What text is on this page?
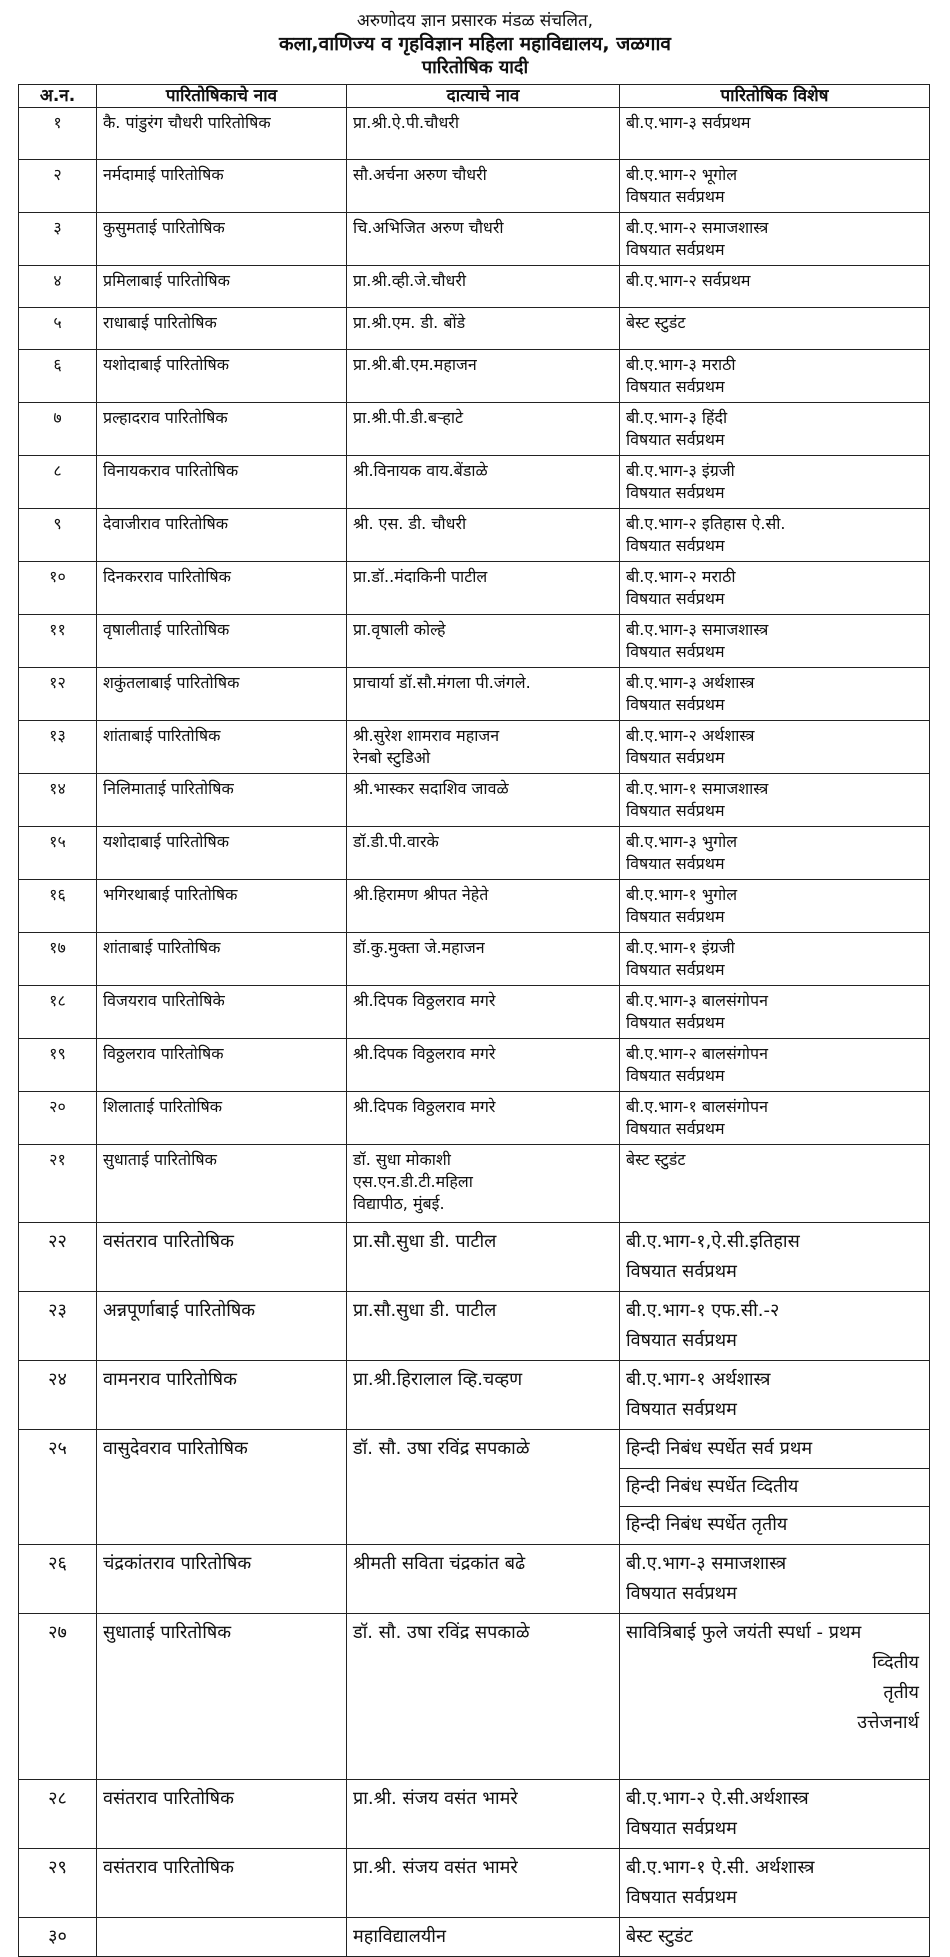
अरुणोदय ज्ञान प्रसारक मंडळ संचलित,
कला,वाणिज्य व गृहविज्ञान महिला महाविद्यालय, जळगाव
पारितोषिक यादी
अ.न.	पारितोषिकाचे नाव	दात्याचे नाव	पारितोषिक विशेष
१	कै. पांडुरंग चौधरी पारितोषिक	प्रा.श्री.ऐ.पी.चौधरी	बी.ए.भाग-३ सर्वप्रथम

२	नर्मदामाई पारितोषिक	सौ.अर्चना अरुण चौधरी	बी.ए.भाग-२ भूगोल
विषयात सर्वप्रथम

३	कुसुमताई पारितोषिक	चि.अभिजित अरुण चौधरी	बी.ए.भाग-२ समाजशास्त्र
विषयात सर्वप्रथम

४	प्रमिलाबाई पारितोषिक	प्रा.श्री.व्ही.जे.चौधरी	बी.ए.भाग-२ सर्वप्रथम

५	राधाबाई पारितोषिक	प्रा.श्री.एम. डी. बोंडे	बेस्ट स्टुडंट

६	यशोदाबाई पारितोषिक	प्रा.श्री.बी.एम.महाजन	बी.ए.भाग-३ मराठी
विषयात सर्वप्रथम

७	प्रल्हादराव पारितोषिक	प्रा.श्री.पी.डी.बऱ्हाटे	बी.ए.भाग-३ हिंदी
विषयात सर्वप्रथम

८	विनायकराव पारितोषिक	श्री.विनायक वाय.बेंडाळे	बी.ए.भाग-३ इंग्रजी
विषयात सर्वप्रथम

९	देवाजीराव पारितोषिक	श्री. एस. डी. चौधरी	बी.ए.भाग-२ इतिहास ऐ.सी.
विषयात सर्वप्रथम

१०	दिनकरराव पारितोषिक	प्रा.डॉ..मंदाकिनी पाटील	बी.ए.भाग-२ मराठी
विषयात सर्वप्रथम

११	वृषालीताई पारितोषिक	प्रा.वृषाली कोल्हे	बी.ए.भाग-३ समाजशास्त्र
विषयात सर्वप्रथम

१२	शकुंतलाबाई पारितोषिक	प्राचार्या डॉ.सौ.मंगला पी.जंगले.	बी.ए.भाग-३ अर्थशास्त्र
विषयात सर्वप्रथम

१३	शांताबाई पारितोषिक	श्री.सुरेश शामराव महाजन
रेनबो स्टुडिओ	बी.ए.भाग-२ अर्थशास्त्र
विषयात सर्वप्रथम

१४	निलिमाताई पारितोषिक	श्री.भास्कर सदाशिव जावळे	बी.ए.भाग-१ समाजशास्त्र
विषयात सर्वप्रथम

१५	यशोदाबाई पारितोषिक	डॉ.डी.पी.वारके	बी.ए.भाग-३ भुगोल
विषयात सर्वप्रथम

१६	भगिरथाबाई पारितोषिक	श्री.हिरामण श्रीपत नेहेते	बी.ए.भाग-१ भुगोल
विषयात सर्वप्रथम

१७	शांताबाई पारितोषिक	डॉ.कु.मुक्ता जे.महाजन	बी.ए.भाग-१ इंग्रजी
विषयात सर्वप्रथम

१८	विजयराव पारितोषिके	श्री.दिपक विठ्ठलराव मगरे	बी.ए.भाग-३ बालसंगोपन
विषयात सर्वप्रथम

१९	विठ्ठलराव पारितोषिक	श्री.दिपक विठ्ठलराव मगरे	बी.ए.भाग-२ बालसंगोपन
विषयात सर्वप्रथम

२०	शिलाताई पारितोषिक	श्री.दिपक विठ्ठलराव मगरे	बी.ए.भाग-१ बालसंगोपन
विषयात सर्वप्रथम

२१	सुधाताई पारितोषिक	डॉ. सुधा मोकाशी
एस.एन.डी.टी.महिला
विद्यापीठ, मुंबई.	बेस्ट स्टुडंट

२२	वसंतराव पारितोषिक	प्रा.सौ.सुधा डी. पाटील	बी.ए.भाग-१,ऐ.सी.इतिहास
विषयात सर्वप्रथम

२३	अन्नपूर्णाबाई पारितोषिक	प्रा.सौ.सुधा डी. पाटील	बी.ए.भाग-१ एफ.सी.-२
विषयात सर्वप्रथम

२४	वामनराव पारितोषिक	प्रा.श्री.हिरालाल व्हि.चव्हण	बी.ए.भाग-१ अर्थशास्त्र
विषयात सर्वप्रथम

२५	वासुदेवराव पारितोषिक	डॉ. सौ. उषा रविंद्र सपकाळे	हिन्दी निबंध स्पर्धेत सर्व प्रथम
हिन्दी निबंध स्पर्धेत व्दितीय
हिन्दी निबंध स्पर्धेत तृतीय

२६	चंद्रकांतराव पारितोषिक	श्रीमती सविता चंद्रकांत बढे	बी.ए.भाग-३ समाजशास्त्र
विषयात सर्वप्रथम

२७	सुधाताई पारितोषिक	डॉ. सौ. उषा रविंद्र सपकाळे	सावित्रिबाई फुले जयंती स्पर्धा - प्रथम
व्दितीय
तृतीय
उत्तेजनार्थ

२८	वसंतराव पारितोषिक	प्रा.श्री. संजय वसंत भामरे	बी.ए.भाग-२ ऐ.सी.अर्थशास्त्र
विषयात सर्वप्रथम

२९	वसंतराव पारितोषिक	प्रा.श्री. संजय वसंत भामरे	बी.ए.भाग-१ ऐ.सी. अर्थशास्त्र
विषयात सर्वप्रथम

३०		महाविद्यालयीन	बेस्ट स्टुडंट
